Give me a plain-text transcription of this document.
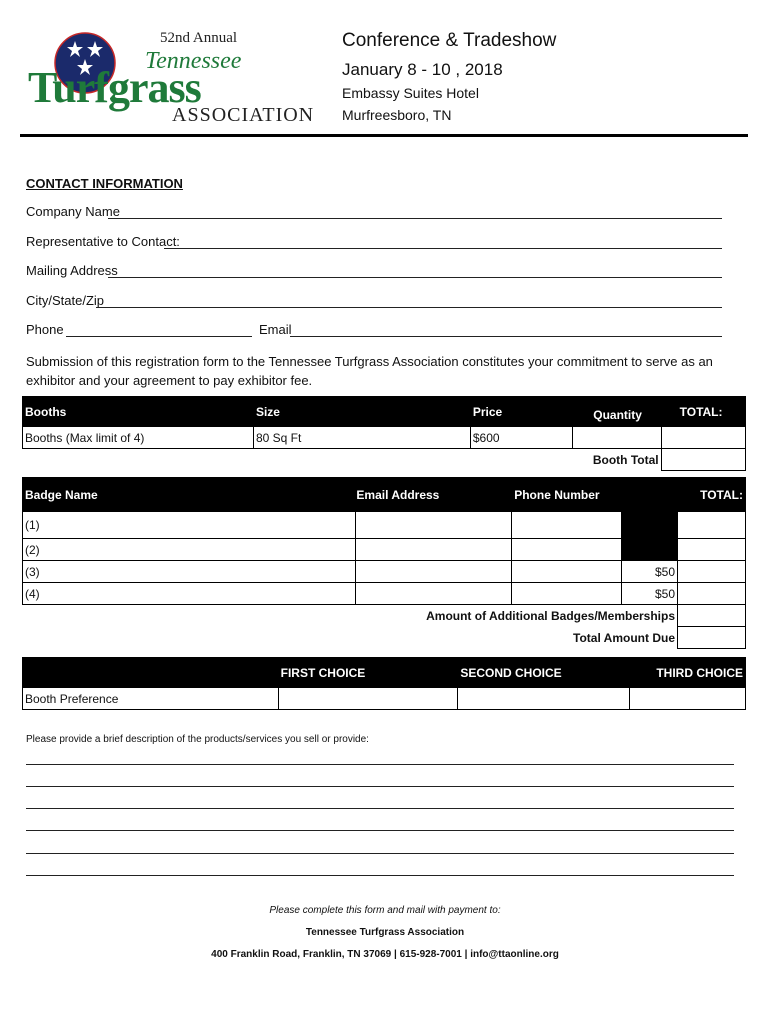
52nd Annual
Tennessee
Turfgrass
ASSOCIATION
Conference & Tradeshow
January 8 - 10 , 2018
Embassy Suites Hotel
Murfreesboro, TN
CONTACT INFORMATION
Company Name
Representative to Contact:
Mailing Address
City/State/Zip
Phone	Email
Submission of this registration form to the Tennessee Turfgrass Association constitutes your commitment to serve as an exhibitor and your agreement to pay exhibitor fee.
Booths	Size	Price	Quantity	TOTAL:
Booths (Max limit of 4)	80 Sq Ft	$600		
Booth Total				
Badge Name	Email Address	Phone Number		TOTAL:
(1)				
(2)				
(3)			$50	
(4)			$50	
Amount of Additional Badges/Memberships				
Total Amount Due				
	FIRST CHOICE	SECOND CHOICE	THIRD CHOICE
Booth Preference			
Please provide a brief description of the products/services you sell or provide:
Please complete this form and mail with payment to:
Tennessee Turfgrass Association
400 Franklin Road, Franklin, TN 37069 | 615-928-7001 | info@ttaonline.org
